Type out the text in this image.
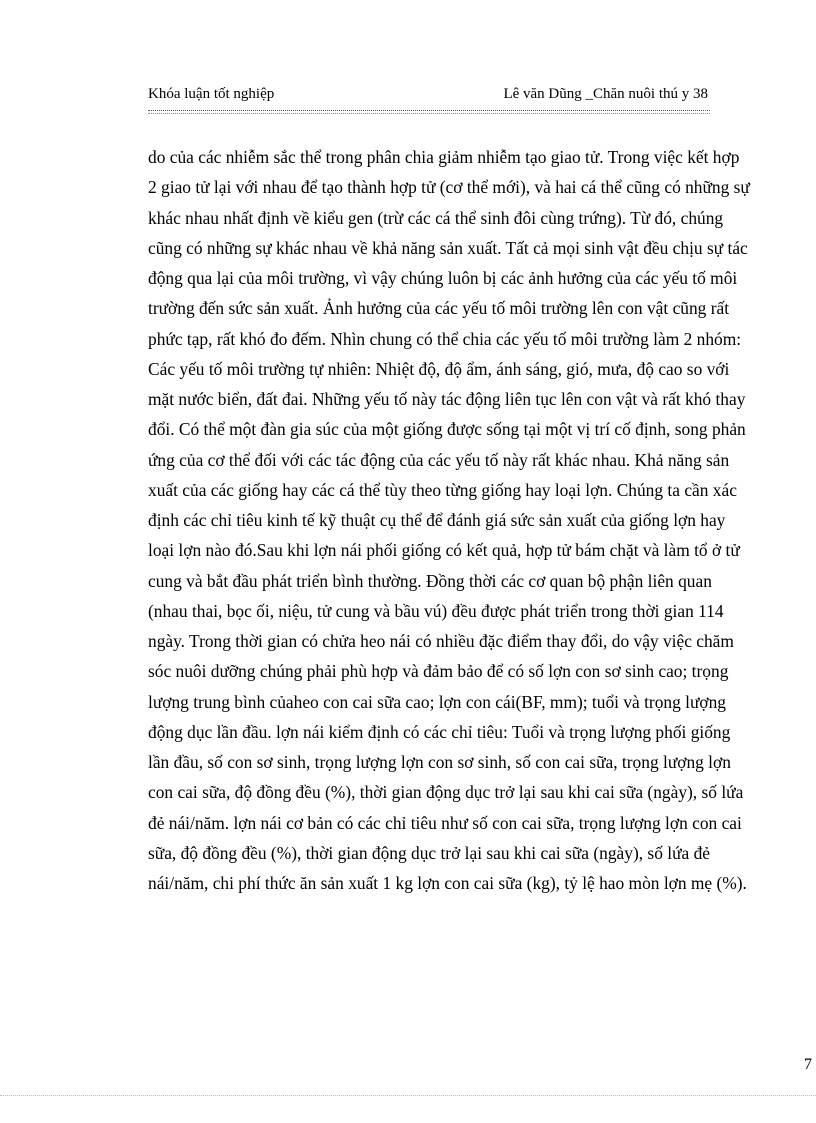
Khóa luận tốt nghiệp	Lê văn Dũng _Chăn nuôi thú y 38
do của các nhiễm sắc thể trong phân chia giảm nhiễm tạo giao tử. Trong việc kết hợp
2 giao tử lại với nhau để tạo thành hợp tử (cơ thể mới), và hai cá thể cũng có những sự
khác nhau nhất định về kiểu gen (trừ các cá thể sinh đôi cùng trứng). Từ đó, chúng
cũng có những sự khác nhau về khả năng sản xuất. Tất cả mọi sinh vật đều chịu sự tác
động qua lại của môi trường, vì vậy chúng luôn bị các ảnh hưởng của các yếu tố môi
trường đến sức sản xuất. Ảnh hưởng của các yếu tố môi trường lên con vật cũng rất
phức tạp, rất khó đo đếm. Nhìn chung có thể chia các yếu tố môi trường làm 2 nhóm:
Các yếu tố môi trường tự nhiên: Nhiệt độ, độ ẩm, ánh sáng, gió, mưa, độ cao so với
mặt nước biển, đất đai. Những yếu tố này tác động liên tục lên con vật và rất khó thay
đổi. Có thể một đàn gia súc của một giống được sống tại một vị trí cố định, song phản
ứng của cơ thể đối với các tác động của các yếu tố này rất khác nhau. Khả năng sản
xuất của các giống hay các cá thể tùy theo từng giống hay loại lợn. Chúng ta cần xác
định các chỉ tiêu kinh tế kỹ thuật cụ thể để đánh giá sức sản xuất của giống lợn hay
loại lợn nào đó.Sau khi lợn nái phối giống có kết quả, hợp tử bám chặt và làm tổ ở tử
cung và bắt đầu phát triển bình thường. Đồng thời các cơ quan bộ phận liên quan
(nhau thai, bọc ối, niệu, tử cung và bầu vú) đều được phát triển trong thời gian 114
ngày. Trong thời gian có chửa heo nái có nhiều đặc điểm thay đổi, do vậy việc chăm
sóc nuôi dưỡng chúng phải phù hợp và đảm bảo để có số lợn con sơ sinh cao; trọng
lượng trung bình củaheo con cai sữa cao; lợn con cái(BF, mm); tuổi và trọng lượng
động dục lần đầu. lợn nái kiểm định có các chỉ tiêu: Tuổi và trọng lượng phối giống
lần đầu, số con sơ sinh, trọng lượng lợn con sơ sinh, số con cai sữa, trọng lượng lợn
con cai sữa, độ đồng đều (%), thời gian động dục trở lại sau khi cai sữa (ngày), số lứa
đẻ nái/năm. lợn nái cơ bản có các chỉ tiêu như số con cai sữa, trọng lượng lợn con cai
sữa, độ đồng đều (%), thời gian động dục trở lại sau khi cai sữa (ngày), số lứa đẻ
nái/năm, chi phí thức ăn sản xuất 1 kg lợn con cai sữa (kg), tỷ lệ hao mòn lợn mẹ (%).
7
